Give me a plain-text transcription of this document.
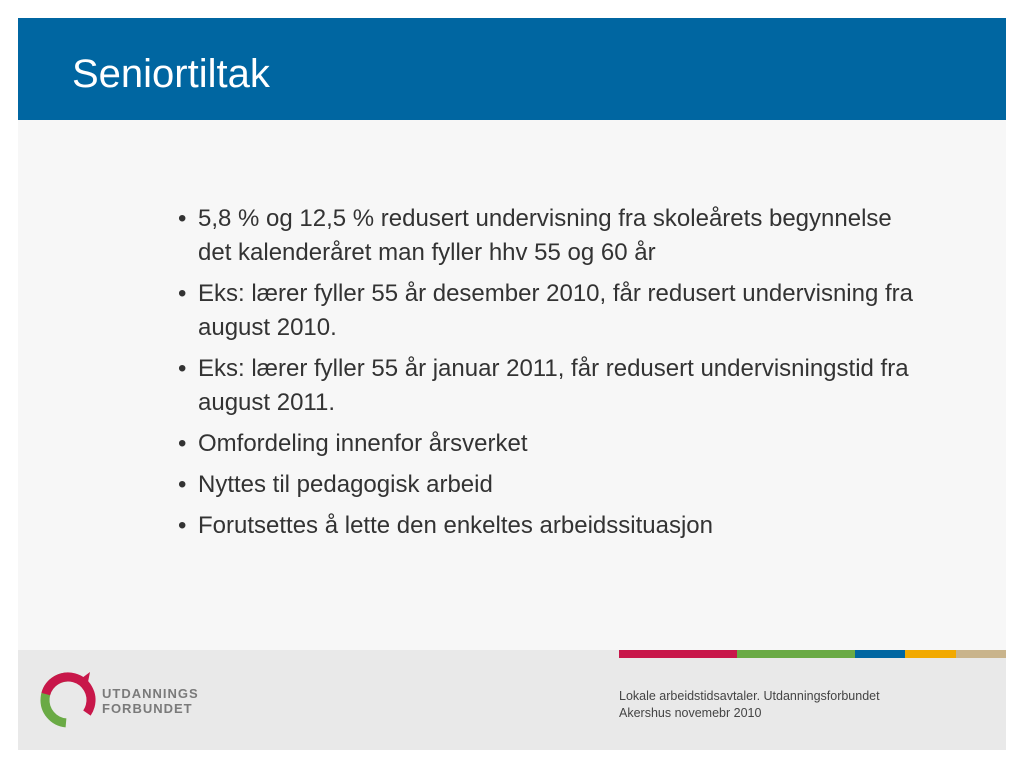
Seniortiltak
• 5,8 % og 12,5 % redusert undervisning fra skoleårets begynnelse det kalenderåret man fyller hhv 55 og 60 år
• Eks: lærer fyller 55 år desember 2010, får redusert undervisning fra august 2010.
• Eks: lærer fyller 55 år januar 2011, får redusert undervisningstid fra august 2011.
• Omfordeling innenfor årsverket
• Nyttes til pedagogisk arbeid
• Forutsettes å lette den enkeltes arbeidssituasjon
UTDANNINGS
FORBUNDET
Lokale arbeidstidsavtaler. Utdanningsforbundet
Akershus novemebr 2010
